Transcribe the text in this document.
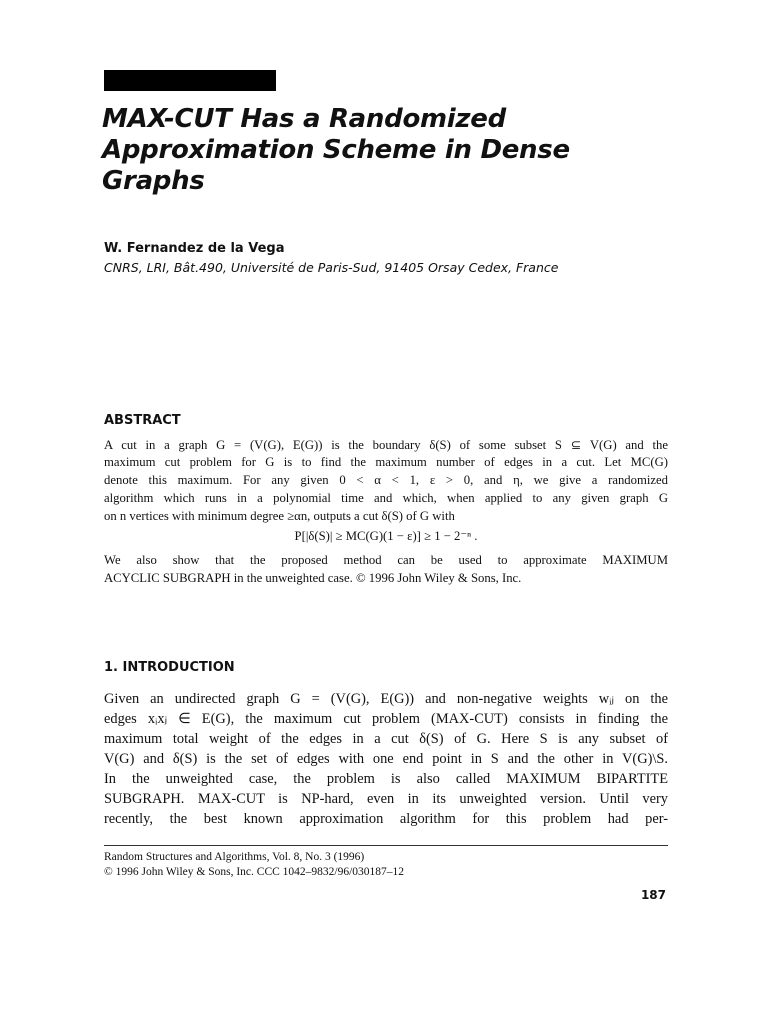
MAX-CUT Has a Randomized
Approximation Scheme in Dense
Graphs
W. Fernandez de la Vega
CNRS, LRI, Bât.490, Université de Paris-Sud, 91405 Orsay Cedex, France
ABSTRACT
A cut in a graph G = (V(G), E(G)) is the boundary δ(S) of some subset S ⊆ V(G) and the
maximum cut problem for G is to find the maximum number of edges in a cut. Let MC(G)
denote this maximum. For any given 0 < α < 1, ε > 0, and η, we give a randomized
algorithm which runs in a polynomial time and which, when applied to any given graph G
on n vertices with minimum degree ≥αn, outputs a cut δ(S) of G with
P[|δ(S)| ≥ MC(G)(1 − ε)] ≥ 1 − 2⁻ⁿ .
We also show that the proposed method can be used to approximate MAXIMUM
ACYCLIC SUBGRAPH in the unweighted case. © 1996 John Wiley & Sons, Inc.
1. INTRODUCTION
Given an undirected graph G = (V(G), E(G)) and non-negative weights wᵢⱼ on the
edges xᵢxⱼ ∈ E(G), the maximum cut problem (MAX-CUT) consists in finding the
maximum total weight of the edges in a cut δ(S) of G. Here S is any subset of
V(G) and δ(S) is the set of edges with one end point in S and the other in V(G)\S.
In the unweighted case, the problem is also called MAXIMUM BIPARTITE
SUBGRAPH. MAX-CUT is NP-hard, even in its unweighted version. Until very
recently, the best known approximation algorithm for this problem had per-
Random Structures and Algorithms, Vol. 8, No. 3 (1996)
© 1996 John Wiley & Sons, Inc. CCC 1042–9832/96/030187–12
187
